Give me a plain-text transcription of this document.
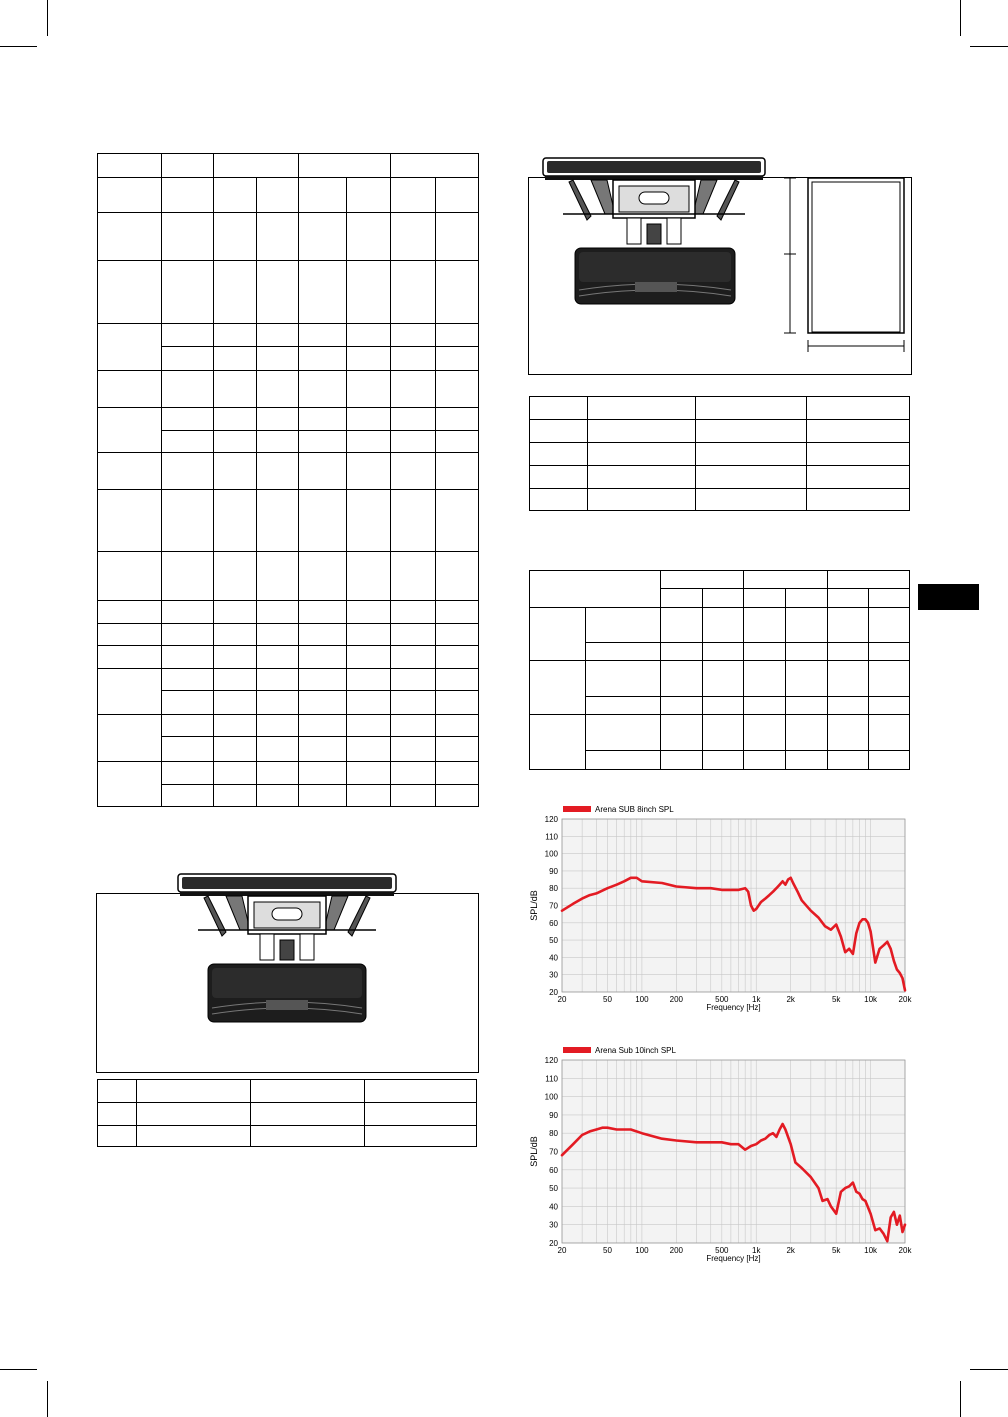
20
30
40
50
60
70
80
90
100
110
120
20	50	100	200	500	1k	2k	5k	10k	20k
Arena SUB 8inch SPL
Frequency [Hz]
SPL/dB
20
30
40
50
60
70
80
90
100
110
120
20	50	100	200	500	1k	2k	5k	10k	20k
Arena Sub 10inch SPL
Frequency [Hz]
SPL/dB
